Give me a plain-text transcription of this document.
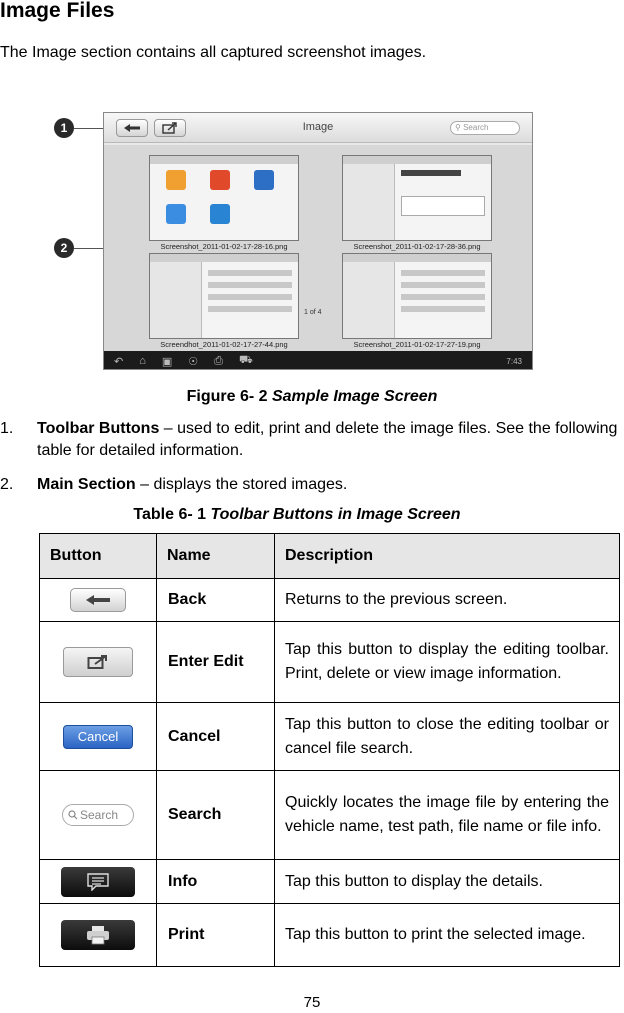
Image Files
The Image section contains all captured screenshot images.
1
2
Image	⚲ Search
Screenshot_2011-01-02-17-28-16.png	Screenshot_2011-01-02-17-28-36.png
Screendhot_2011-01-02-17-27-44.png	Screenshot_2011-01-02-17-27-19.png
1 of 4
↶ ⌂ ▣ ☉ ⎙ ⛟	7:43
Figure 6- 2 Sample Image Screen
1. Toolbar Buttons – used to edit, print and delete the image files. See the following table for detailed information.
2. Main Section – displays the stored images.
Table 6- 1 Toolbar Buttons in Image Screen
Button	Name	Description

	Back	Returns to the previous screen.

	Enter Edit	Tap this button to display the editing toolbar. Print, delete or view image information.
Cancel	Cancel	Tap this button to close the editing toolbar or cancel file search.

Search	Search	Quickly locates the image file by entering the vehicle name, test path, file name or file info.

	Info	Tap this button to display the details.

	Print	Tap this button to print the selected image.
75
